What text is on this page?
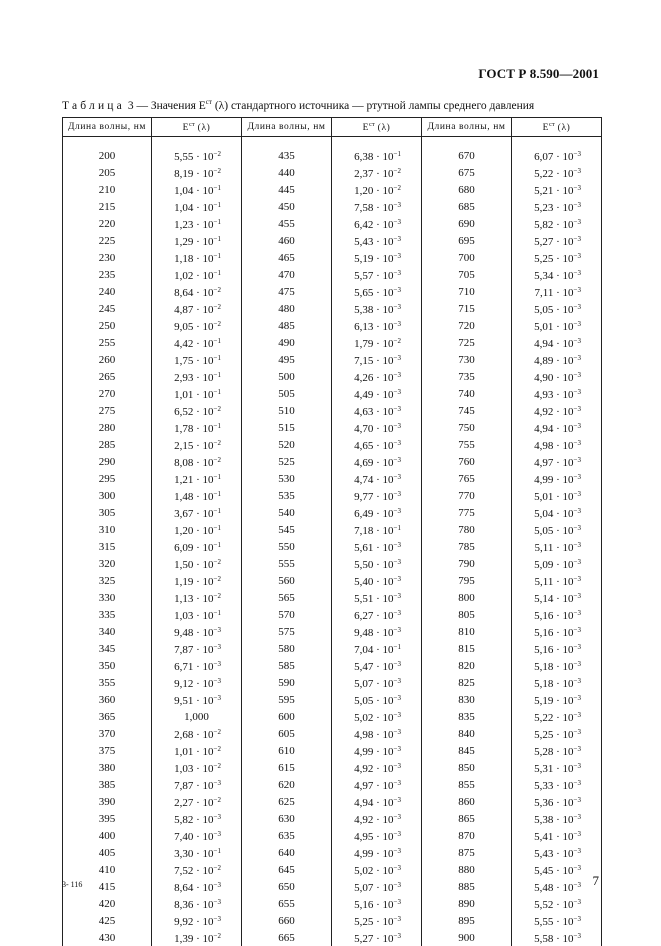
ГОСТ Р 8.590—2001
Таблица 3 — Значения $E^{ст}$ (λ) стандартного источника — ртутной лампы среднего давления
Длина волны, нм	$E^{ст}$ (λ)	Длина волны, нм	$E^{ст}$ (λ)	Длина волны, нм	$E^{ст}$ (λ)

200	$5,55 \cdot 10^{-2}$	435	$6,38 \cdot 10^{-1}$	670	$6,07 \cdot 10^{-3}$
205	$8,19 \cdot 10^{-2}$	440	$2,37 \cdot 10^{-2}$	675	$5,22 \cdot 10^{-3}$
210	$1,04 \cdot 10^{-1}$	445	$1,20 \cdot 10^{-2}$	680	$5,21 \cdot 10^{-3}$
215	$1,04 \cdot 10^{-1}$	450	$7,58 \cdot 10^{-3}$	685	$5,23 \cdot 10^{-3}$
220	$1,23 \cdot 10^{-1}$	455	$6,42 \cdot 10^{-3}$	690	$5,82 \cdot 10^{-3}$
225	$1,29 \cdot 10^{-1}$	460	$5,43 \cdot 10^{-3}$	695	$5,27 \cdot 10^{-3}$
230	$1,18 \cdot 10^{-1}$	465	$5,19 \cdot 10^{-3}$	700	$5,25 \cdot 10^{-3}$
235	$1,02 \cdot 10^{-1}$	470	$5,57 \cdot 10^{-3}$	705	$5,34 \cdot 10^{-3}$
240	$8,64 \cdot 10^{-2}$	475	$5,65 \cdot 10^{-3}$	710	$7,11 \cdot 10^{-3}$
245	$4,87 \cdot 10^{-2}$	480	$5,38 \cdot 10^{-3}$	715	$5,05 \cdot 10^{-3}$
250	$9,05 \cdot 10^{-2}$	485	$6,13 \cdot 10^{-3}$	720	$5,01 \cdot 10^{-3}$
255	$4,42 \cdot 10^{-1}$	490	$1,79 \cdot 10^{-2}$	725	$4,94 \cdot 10^{-3}$
260	$1,75 \cdot 10^{-1}$	495	$7,15 \cdot 10^{-3}$	730	$4,89 \cdot 10^{-3}$
265	$2,93 \cdot 10^{-1}$	500	$4,26 \cdot 10^{-3}$	735	$4,90 \cdot 10^{-3}$
270	$1,01 \cdot 10^{-1}$	505	$4,49 \cdot 10^{-3}$	740	$4,93 \cdot 10^{-3}$
275	$6,52 \cdot 10^{-2}$	510	$4,63 \cdot 10^{-3}$	745	$4,92 \cdot 10^{-3}$
280	$1,78 \cdot 10^{-1}$	515	$4,70 \cdot 10^{-3}$	750	$4,94 \cdot 10^{-3}$
285	$2,15 \cdot 10^{-2}$	520	$4,65 \cdot 10^{-3}$	755	$4,98 \cdot 10^{-3}$
290	$8,08 \cdot 10^{-2}$	525	$4,69 \cdot 10^{-3}$	760	$4,97 \cdot 10^{-3}$
295	$1,21 \cdot 10^{-1}$	530	$4,74 \cdot 10^{-3}$	765	$4,99 \cdot 10^{-3}$
300	$1,48 \cdot 10^{-1}$	535	$9,77 \cdot 10^{-3}$	770	$5,01 \cdot 10^{-3}$
305	$3,67 \cdot 10^{-1}$	540	$6,49 \cdot 10^{-3}$	775	$5,04 \cdot 10^{-3}$
310	$1,20 \cdot 10^{-1}$	545	$7,18 \cdot 10^{-1}$	780	$5,05 \cdot 10^{-3}$
315	$6,09 \cdot 10^{-1}$	550	$5,61 \cdot 10^{-3}$	785	$5,11 \cdot 10^{-3}$
320	$1,50 \cdot 10^{-2}$	555	$5,50 \cdot 10^{-3}$	790	$5,09 \cdot 10^{-3}$
325	$1,19 \cdot 10^{-2}$	560	$5,40 \cdot 10^{-3}$	795	$5,11 \cdot 10^{-3}$
330	$1,13 \cdot 10^{-2}$	565	$5,51 \cdot 10^{-3}$	800	$5,14 \cdot 10^{-3}$
335	$1,03 \cdot 10^{-1}$	570	$6,27 \cdot 10^{-3}$	805	$5,16 \cdot 10^{-3}$
340	$9,48 \cdot 10^{-3}$	575	$9,48 \cdot 10^{-3}$	810	$5,16 \cdot 10^{-3}$
345	$7,87 \cdot 10^{-3}$	580	$7,04 \cdot 10^{-1}$	815	$5,16 \cdot 10^{-3}$
350	$6,71 \cdot 10^{-3}$	585	$5,47 \cdot 10^{-3}$	820	$5,18 \cdot 10^{-3}$
355	$9,12 \cdot 10^{-3}$	590	$5,07 \cdot 10^{-3}$	825	$5,18 \cdot 10^{-3}$
360	$9,51 \cdot 10^{-3}$	595	$5,05 \cdot 10^{-3}$	830	$5,19 \cdot 10^{-3}$
365	1,000	600	$5,02 \cdot 10^{-3}$	835	$5,22 \cdot 10^{-3}$
370	$2,68 \cdot 10^{-2}$	605	$4,98 \cdot 10^{-3}$	840	$5,25 \cdot 10^{-3}$
375	$1,01 \cdot 10^{-2}$	610	$4,99 \cdot 10^{-3}$	845	$5,28 \cdot 10^{-3}$
380	$1,03 \cdot 10^{-2}$	615	$4,92 \cdot 10^{-3}$	850	$5,31 \cdot 10^{-3}$
385	$7,87 \cdot 10^{-3}$	620	$4,97 \cdot 10^{-3}$	855	$5,33 \cdot 10^{-3}$
390	$2,27 \cdot 10^{-2}$	625	$4,94 \cdot 10^{-3}$	860	$5,36 \cdot 10^{-3}$
395	$5,82 \cdot 10^{-3}$	630	$4,92 \cdot 10^{-3}$	865	$5,38 \cdot 10^{-3}$
400	$7,40 \cdot 10^{-3}$	635	$4,95 \cdot 10^{-3}$	870	$5,41 \cdot 10^{-3}$
405	$3,30 \cdot 10^{-1}$	640	$4,99 \cdot 10^{-3}$	875	$5,43 \cdot 10^{-3}$
410	$7,52 \cdot 10^{-2}$	645	$5,02 \cdot 10^{-3}$	880	$5,45 \cdot 10^{-3}$
415	$8,64 \cdot 10^{-3}$	650	$5,07 \cdot 10^{-3}$	885	$5,48 \cdot 10^{-3}$
420	$8,36 \cdot 10^{-3}$	655	$5,16 \cdot 10^{-3}$	890	$5,52 \cdot 10^{-3}$
425	$9,92 \cdot 10^{-3}$	660	$5,25 \cdot 10^{-3}$	895	$5,55 \cdot 10^{-3}$
430	$1,39 \cdot 10^{-2}$	665	$5,27 \cdot 10^{-3}$	900	$5,58 \cdot 10^{-3}$
3- 116	7
